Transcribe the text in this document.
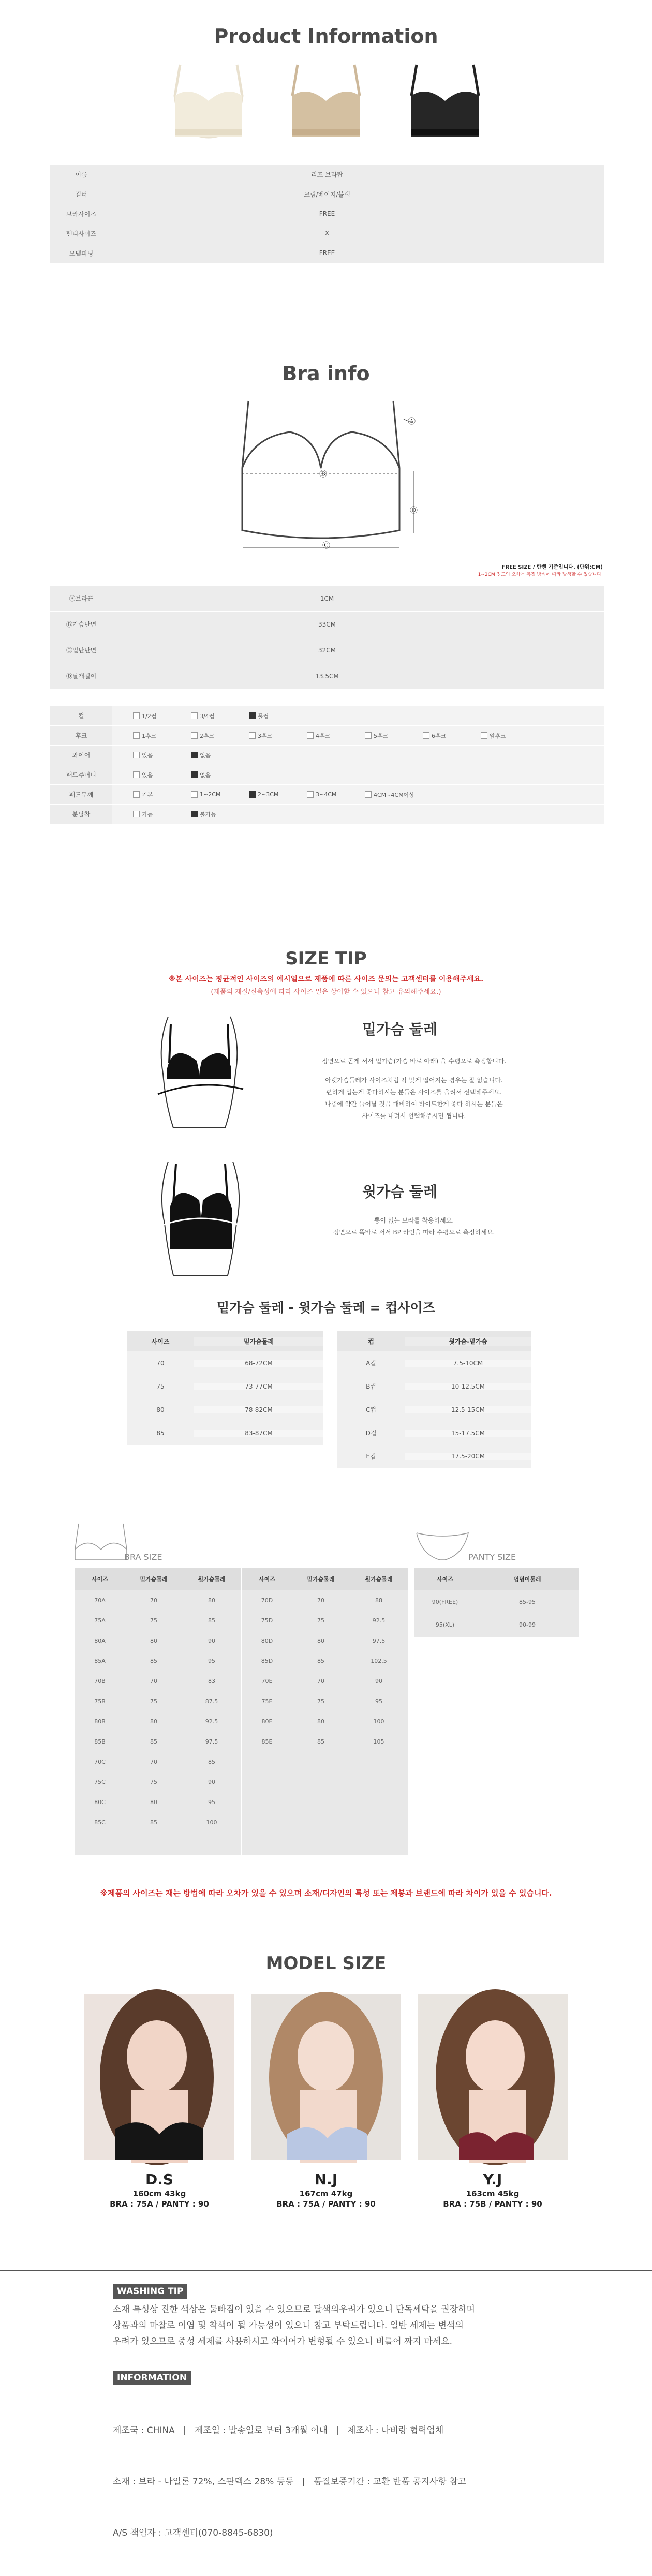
Product Information
이름	리프 브라탑
컬러	크림/베이지/블랙
브라사이즈	FREE
팬티사이즈	X
모델피팅	FREE
Bra info
Ⓐ
Ⓑ
Ⓒ
Ⓓ
FREE SIZE / 탄벤 기준입니다. (단위:CM)
1~2CM 정도의 오차는 측정 방식에 따라 발생할 수 있습니다.
Ⓐ브라끈	1CM
Ⓑ가슴단면	33CM
Ⓒ밑단단면	32CM
Ⓓ날개길이	13.5CM
컵	1/2컵	3/4컵	풀컵
후크	1후크	2후크	3후크	4후크	5후크	6후크	앞후크
와이어	있음	없음
패드주머니	있음	없음
패드두께	기본	1~2CM	2~3CM	3~4CM	4CM~4CM이상
분탈착	가능	불가능
SIZE TIP
※본 사이즈는 평균적인 사이즈의 예시일으로 제품에 따른 사이즈 문의는 고객센터를 이용해주세요.
(제품의 재질/신축성에 따라 사이즈 일은 상이할 수 있으니 참고 유의해주세요.)
밑가슴 둘레
정면으로 곧게 서서 밑가슴(가슴 바로 아래) 을 수평으로 측정합니다.
아랫가슴둘레가 사이즈처럼 딱 맞게 떨어지는 경우는 잘 없습니다.
편하게 입는게 좋다하시는 분들은 사이즈를 올려서 선택해주세요.
나중에 약간 늘어날 것을 대비하여 타이트한게 좋다 하시는 분들은
사이즈를 내려서 선택해주시면 됩니다.
윗가슴 둘레
뽕이 없는 브라를 착용하세요.
정면으로 똑바로 서서 BP 라인을 따라 수평으로 측정하세요.
밑가슴 둘레 - 윗가슴 둘레 = 컵사이즈
사이즈	밑가슴둘레
70	68-72CM
75	73-77CM
80	78-82CM
85	83-87CM
컵	윗가슴-밑가슴
A컵	7.5-10CM
B컵	10-12.5CM
C컵	12.5-15CM
D컵	15-17.5CM
E컵	17.5-20CM
BRA SIZE
사이즈	밑가슴둘레	윗가슴둘레
70A	70	80
75A	75	85
80A	80	90
85A	85	95
70B	70	83
75B	75	87.5
80B	80	92.5
85B	85	97.5
70C	70	85
75C	75	90
80C	80	95
85C	85	100
사이즈	밑가슴둘레	윗가슴둘레
70D	70	88
75D	75	92.5
80D	80	97.5
85D	85	102.5
70E	70	90
75E	75	95
80E	80	100
85E	85	105
PANTY SIZE
사이즈	엉덩이둘레
90(FREE)	85-95
95(XL)	90-99
※제품의 사이즈는 재는 방법에 따라 오차가 있을 수 있으며 소재/디자인의 특성 또는 제봉과 브랜드에 따라 차이가 있을 수 있습니다.
MODEL SIZE
D.S
160cm 43kg
BRA : 75A / PANTY : 90
N.J
167cm 47kg
BRA : 75A / PANTY : 90
Y.J
163cm 45kg
BRA : 75B / PANTY : 90
WASHING TIP
소재 특성상 진한 색상은 물빠짐이 있을 수 있으므로 탈색의우려가 있으니 단독세탁을 권장하며
상품과의 마찰로 이염 및 착색이 될 가능성이 있으니 참고 부탁드립니다. 일반 세제는 변색의
우려가 있으므로 중성 세제를 사용하시고 와이어가 변형될 수 있으니 비틀어 짜지 마세요.
INFORMATION

제조국 : CHINA   |   제조일 : 발송일로 부터 3개월 이내   |   제조사 : 나비랑 협력업체

소재 : 브라 - 나일론 72%, 스판덱스 28% 등등   |   품질보증기간 : 교환 반품 공지사항 참고

A/S 책임자 : 고객센터(070-8845-6830)
